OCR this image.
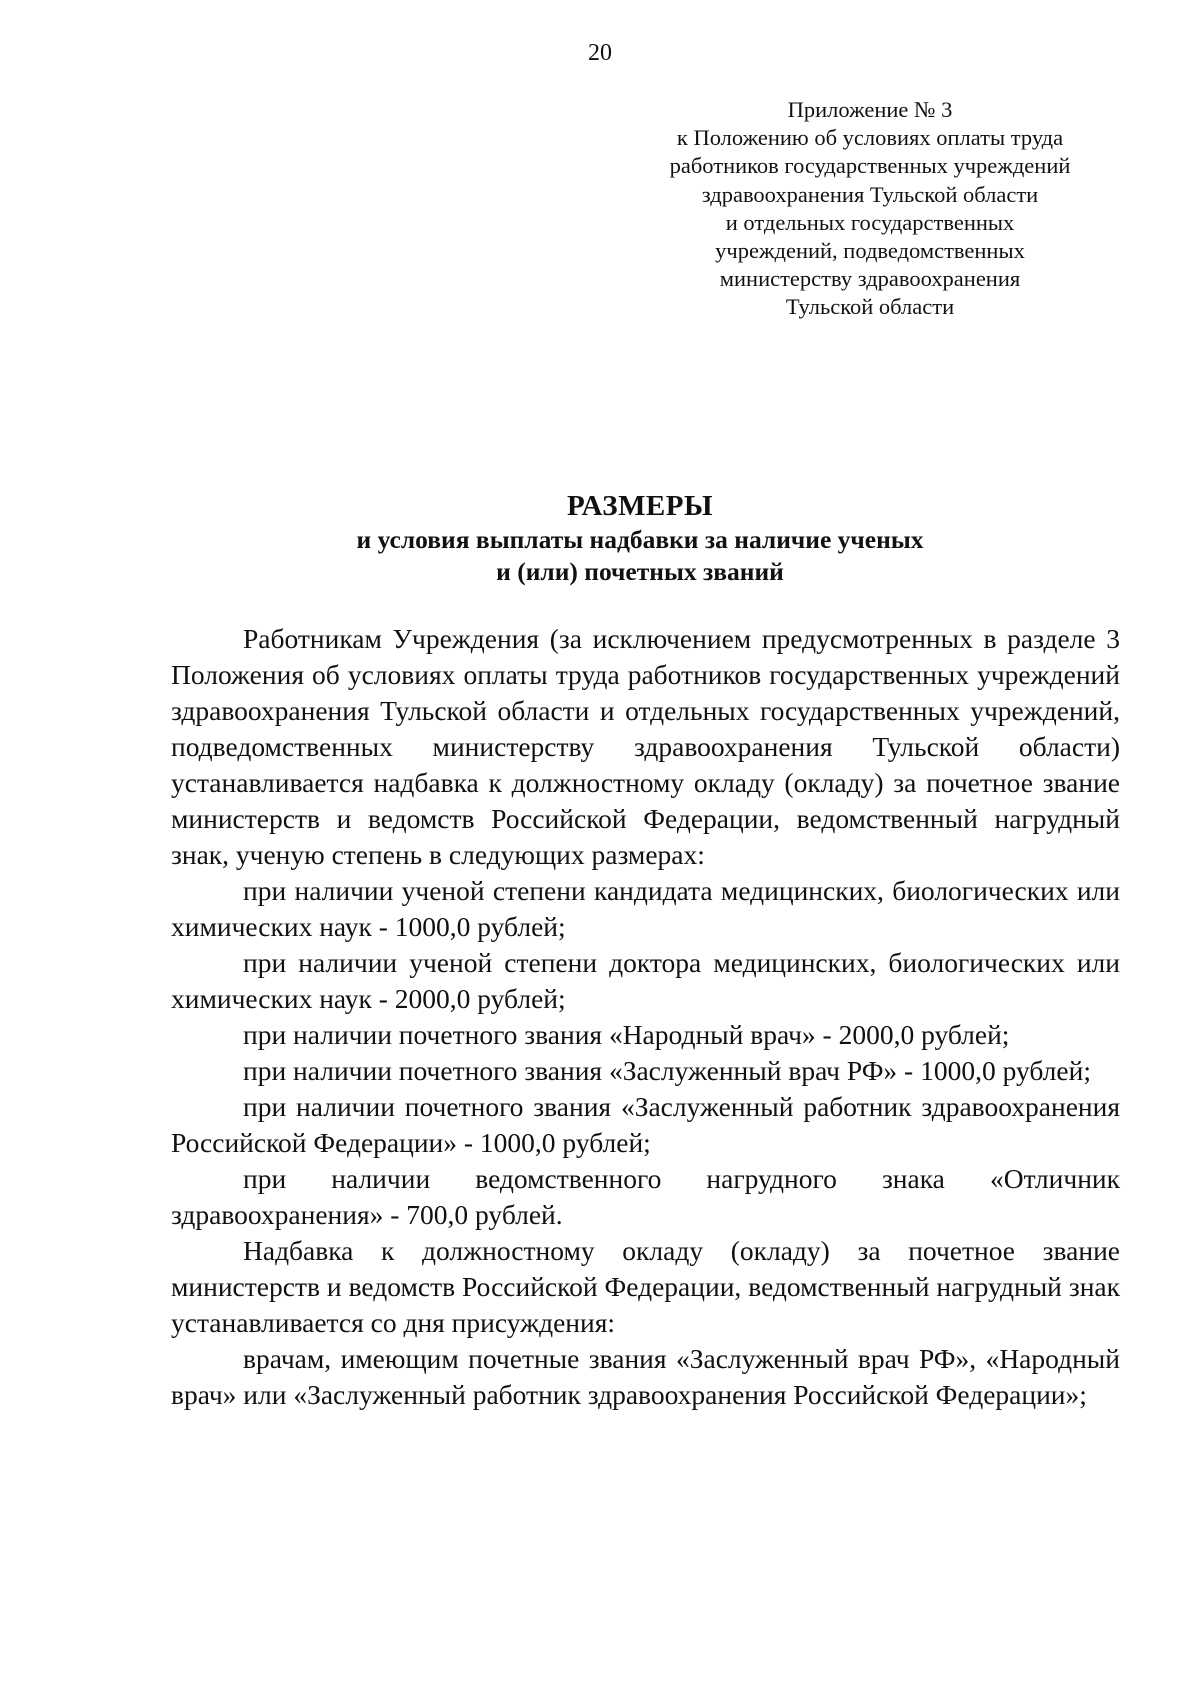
20
Приложение № 3
к Положению об условиях оплаты труда
работников государственных учреждений
здравоохранения Тульской области
и отдельных государственных
учреждений, подведомственных
министерству здравоохранения
Тульской области
РАЗМЕРЫ
и условия выплаты надбавки за наличие ученых
и (или) почетных званий

Работникам Учреждения (за исключением предусмотренных в разделе 3 Положения об условиях оплаты труда работников государственных учреждений здравоохранения Тульской области и отдельных государственных учреждений, подведомственных министерству здравоохранения Тульской области) устанавливается надбавка к должностному окладу (окладу) за почетное звание министерств и ведомств Российской Федерации, ведомственный нагрудный знак, ученую степень в следующих размерах:

при наличии ученой степени кандидата медицинских, биологических или химических наук - 1000,0 рублей;

при наличии ученой степени доктора медицинских, биологических или химических наук - 2000,0 рублей;

при наличии почетного звания «Народный врач» - 2000,0 рублей;

при наличии почетного звания «Заслуженный врач РФ» - 1000,0 рублей;

при наличии почетного звания «Заслуженный работник здравоохранения Российской Федерации» - 1000,0 рублей;

при наличии ведомственного нагрудного знака «Отличник здравоохранения» - 700,0 рублей.

Надбавка к должностному окладу (окладу) за почетное звание министерств и ведомств Российской Федерации, ведомственный нагрудный знак устанавливается со дня присуждения:

врачам, имеющим почетные звания «Заслуженный врач РФ», «Народный врач» или «Заслуженный работник здравоохранения Российской Федерации»;
